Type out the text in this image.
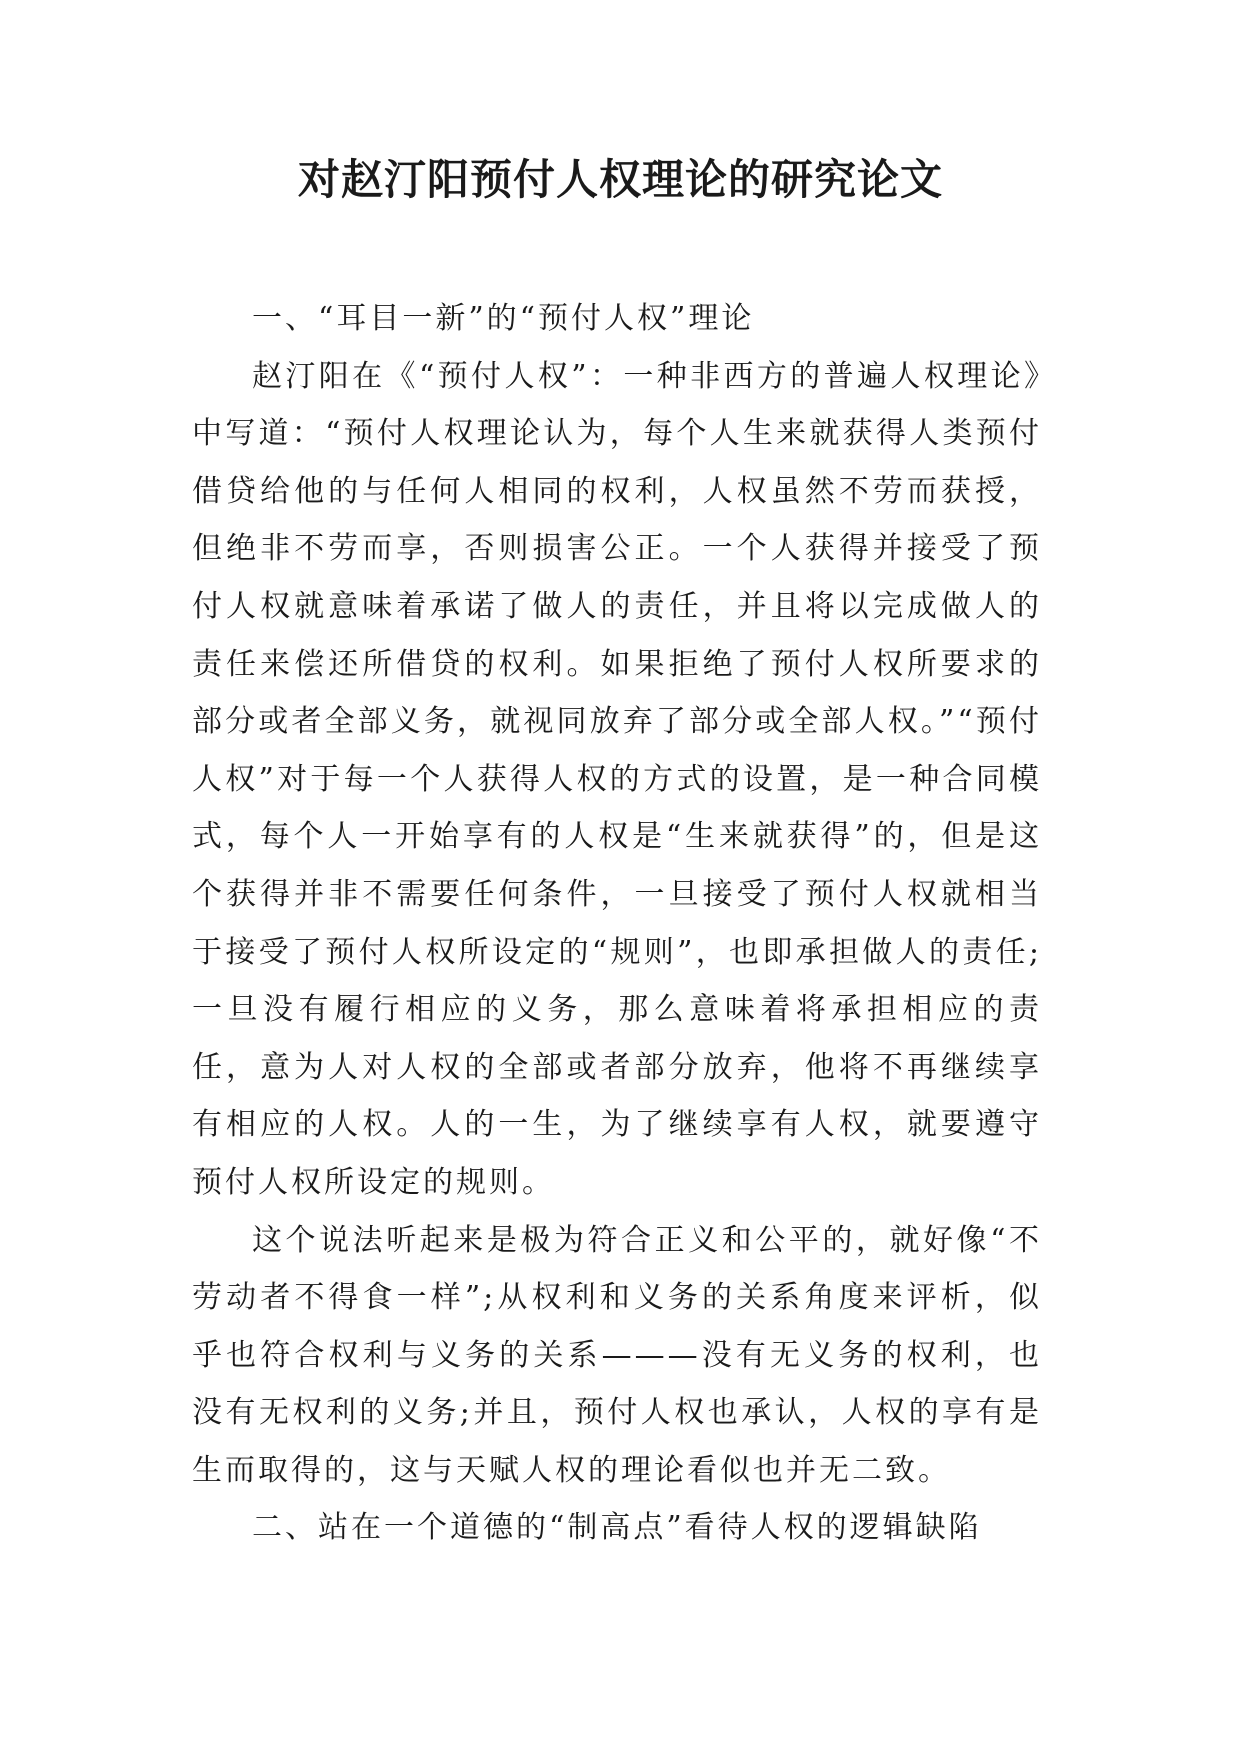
对赵汀阳预付人权理论的研究论文

一、“耳目一新”的“预付人权”理论

赵汀阳在《“预付人权”：一种非西方的普遍人权理论》中写道：“预付人权理论认为，每个人生来就获得人类预付借贷给他的与任何人相同的权利，人权虽然不劳而获授，但绝非不劳而享，否则损害公正。一个人获得并接受了预付人权就意味着承诺了做人的责任，并且将以完成做人的责任来偿还所借贷的权利。如果拒绝了预付人权所要求的部分或者全部义务，就视同放弃了部分或全部人权。”“预付人权”对于每一个人获得人权的方式的设置，是一种合同模式，每个人一开始享有的人权是“生来就获得”的，但是这个获得并非不需要任何条件，一旦接受了预付人权就相当于接受了预付人权所设定的“规则”，也即承担做人的责任;一旦没有履行相应的义务，那么意味着将承担相应的责任，意为人对人权的全部或者部分放弃，他将不再继续享有相应的人权。人的一生，为了继续享有人权，就要遵守预付人权所设定的规则。

这个说法听起来是极为符合正义和公平的，就好像“不劳动者不得食一样”;从权利和义务的关系角度来评析，似乎也符合权利与义务的关系———没有无义务的权利，也没有无权利的义务;并且，预付人权也承认，人权的享有是生而取得的，这与天赋人权的理论看似也并无二致。

二、站在一个道德的“制高点”看待人权的逻辑缺陷
